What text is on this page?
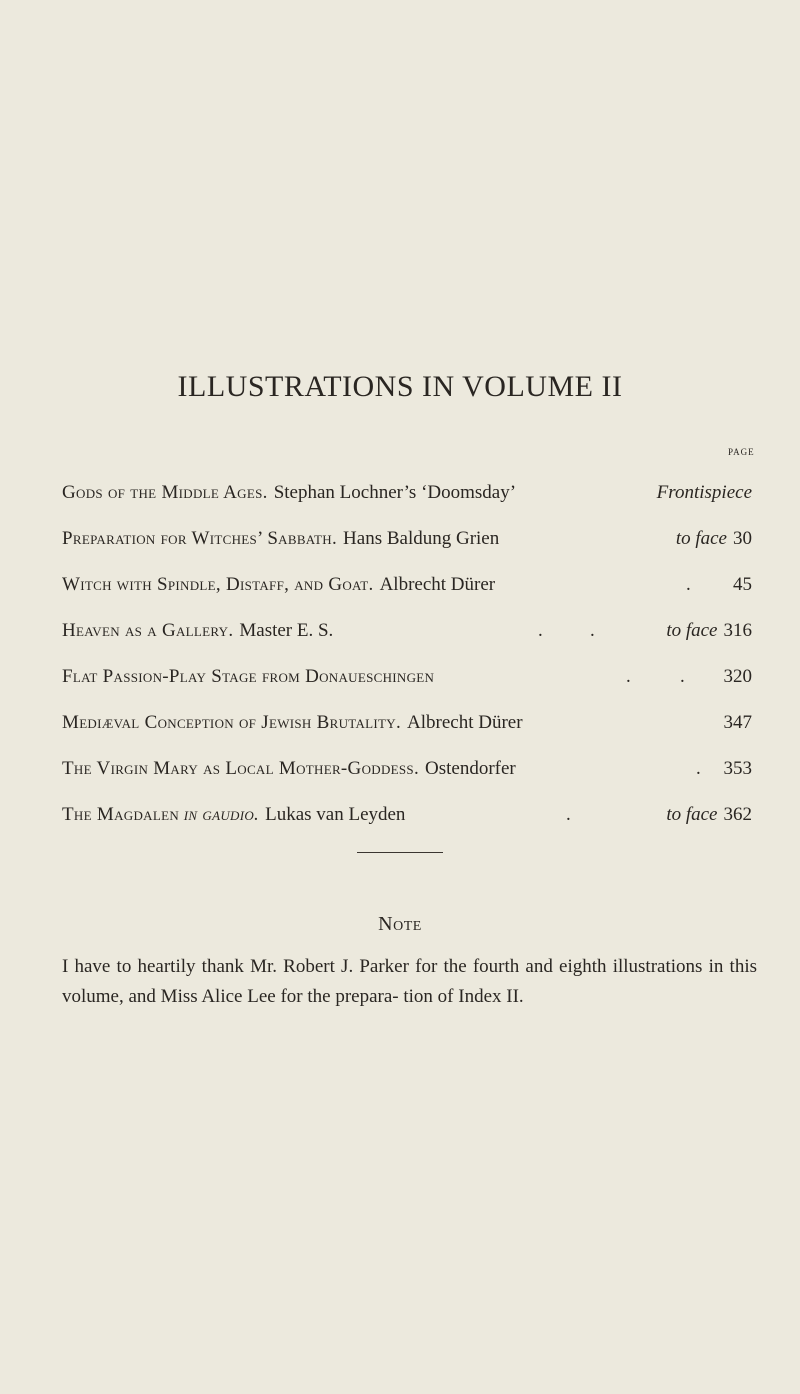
ILLUSTRATIONS IN VOLUME II
PAGE
Gods of the Middle Ages. Stephan Lochner’s ‘Doomsday’	Frontispiece
Preparation for Witches’ Sabbath. Hans Baldung Grien	to face 30
Witch with Spindle, Distaff, and Goat. Albrecht Dürer	. 45
Heaven as a Gallery. Master E. S.	. .	to face 316
Flat Passion-Play Stage from Donaueschingen	.	. 320
Mediæval Conception of Jewish Brutality. Albrecht Dürer	347
The Virgin Mary as Local Mother-Goddess. Ostendorfer	. 353
The Magdalen in gaudio. Lukas van Leyden	.	to face 362
Note

I have to heartily thank Mr. Robert J. Parker for the fourth and eighth illustrations in this volume, and Miss Alice Lee for the prepara- tion of Index II.
